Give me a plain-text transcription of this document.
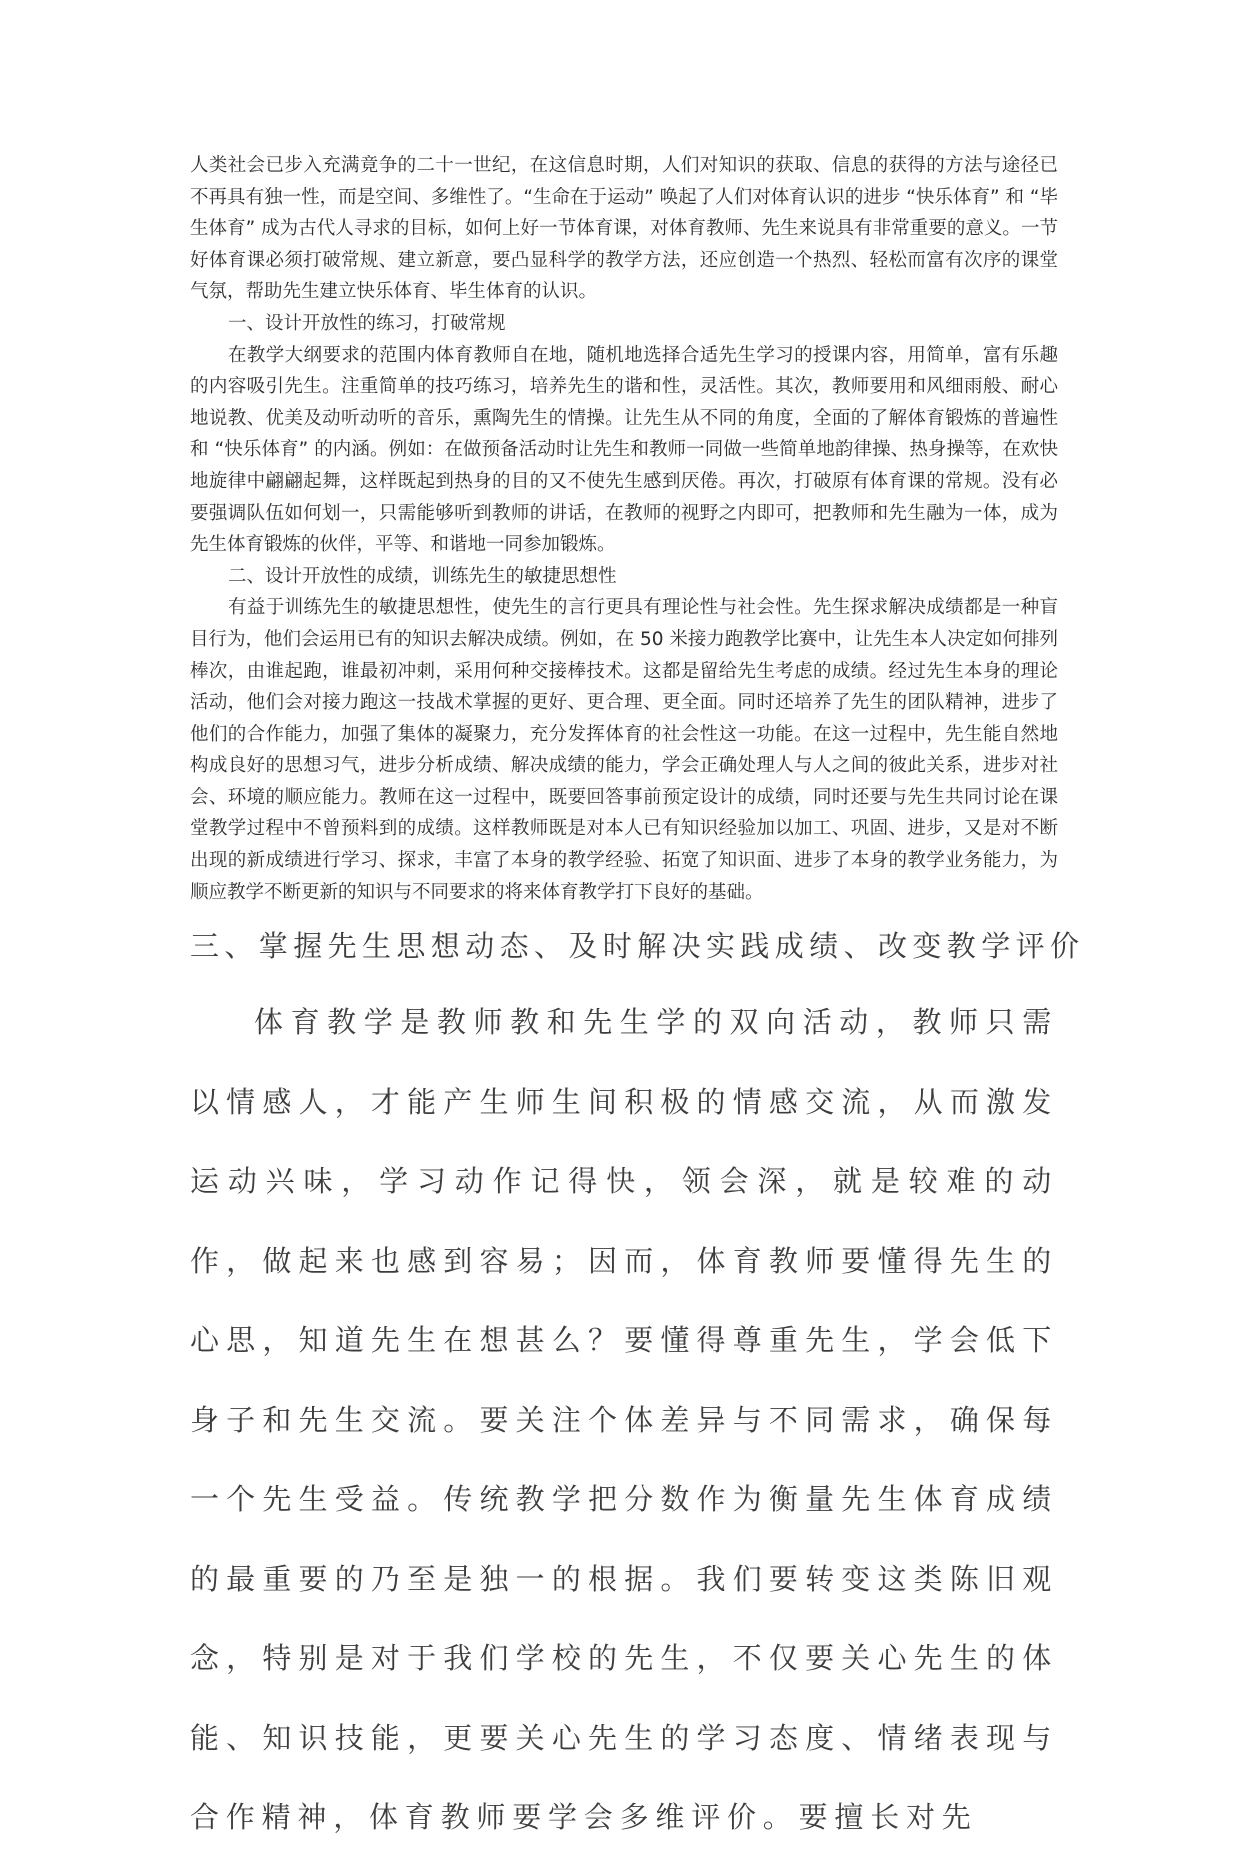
人类社会已步入充满竟争的二十一世纪，在这信息时期，人们对知识的获取、信息的获得的方法与途径已不再具有独一性，而是空间、多维性了。“生命在于运动” 唤起了人们对体育认识的进步 “快乐体育” 和 “毕生体育” 成为古代人寻求的目标，如何上好一节体育课，对体育教师、先生来说具有非常重要的意义。一节好体育课必须打破常规、建立新意，要凸显科学的教学方法，还应创造一个热烈、轻松而富有次序的课堂气氛，帮助先生建立快乐体育、毕生体育的认识。

一、设计开放性的练习，打破常规

在教学大纲要求的范围内体育教师自在地，随机地选择合适先生学习的授课内容，用简单，富有乐趣的内容吸引先生。注重简单的技巧练习，培养先生的谐和性，灵活性。其次，教师要用和风细雨般、耐心地说教、优美及动听动听的音乐，熏陶先生的情操。让先生从不同的角度，全面的了解体育锻炼的普遍性和 “快乐体育” 的内涵。例如：在做预备活动时让先生和教师一同做一些简单地韵律操、热身操等，在欢快地旋律中翩翩起舞，这样既起到热身的目的又不使先生感到厌倦。再次，打破原有体育课的常规。没有必要强调队伍如何划一，只需能够听到教师的讲话，在教师的视野之内即可，把教师和先生融为一体，成为先生体育锻炼的伙伴，平等、和谐地一同参加锻炼。

二、设计开放性的成绩，训练先生的敏捷思想性

有益于训练先生的敏捷思想性，使先生的言行更具有理论性与社会性。先生探求解决成绩都是一种盲目行为，他们会运用已有的知识去解决成绩。例如，在 50 米接力跑教学比赛中，让先生本人决定如何排列棒次，由谁起跑，谁最初冲刺，采用何种交接棒技术。这都是留给先生考虑的成绩。经过先生本身的理论活动，他们会对接力跑这一技战术掌握的更好、更合理、更全面。同时还培养了先生的团队精神，进步了他们的合作能力，加强了集体的凝聚力，充分发挥体育的社会性这一功能。在这一过程中，先生能自然地构成良好的思想习气，进步分析成绩、解决成绩的能力，学会正确处理人与人之间的彼此关系，进步对社会、环境的顺应能力。教师在这一过程中，既要回答事前预定设计的成绩，同时还要与先生共同讨论在课堂教学过程中不曾预料到的成绩。这样教师既是对本人已有知识经验加以加工、巩固、进步，又是对不断出现的新成绩进行学习、探求，丰富了本身的教学经验、拓宽了知识面、进步了本身的教学业务能力，为顺应教学不断更新的知识与不同要求的将来体育教学打下良好的基础。

三、掌握先生思想动态、及时解决实践成绩、改变教学评价

体育教学是教师教和先生学的双向活动，教师只需以情感人，才能产生师生间积极的情感交流，从而激发运动兴味，学习动作记得快，领会深，就是较难的动作，做起来也感到容易；因而，体育教师要懂得先生的心思，知道先生在想甚么？要懂得尊重先生，学会低下身子和先生交流。要关注个体差异与不同需求，确保每一个先生受益。传统教学把分数作为衡量先生体育成绩的最重要的乃至是独一的根据。我们要转变这类陈旧观念，特别是对于我们学校的先生，不仅要关心先生的体能、知识技能，更要关心先生的学习态度、情绪表现与合作精神，体育教师要学会多维评价。要擅长对先
